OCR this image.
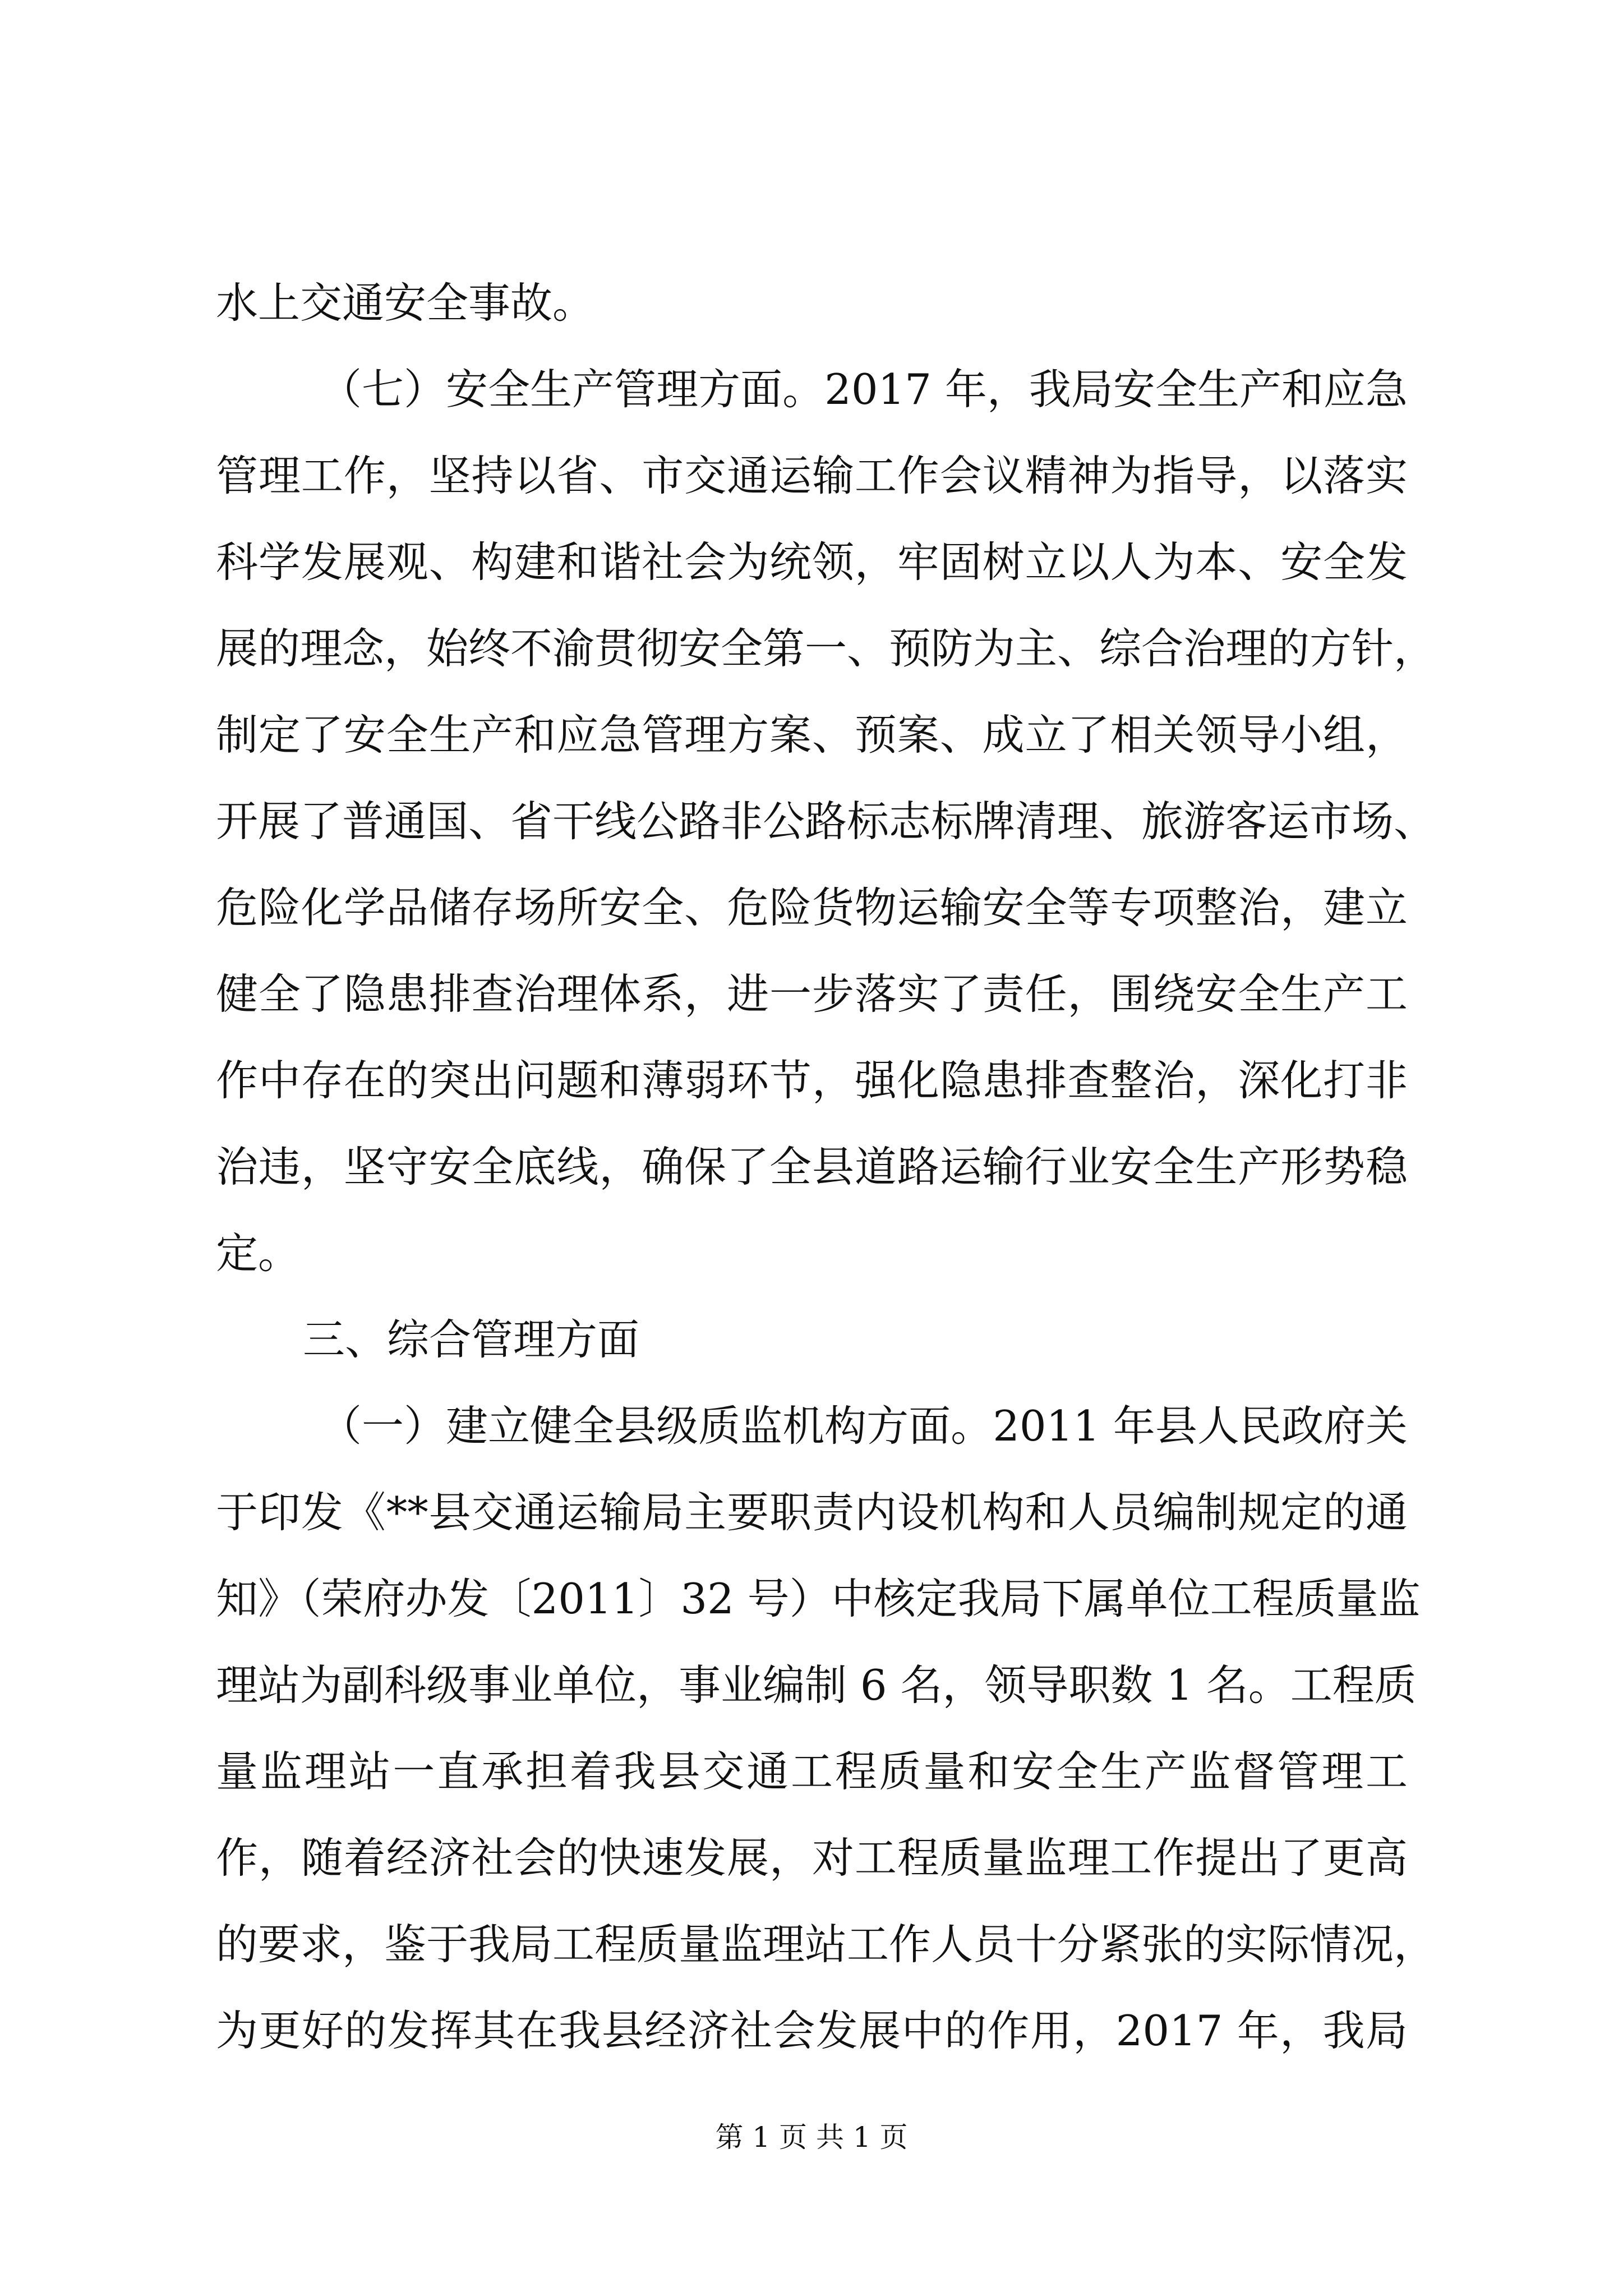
水上交通安全事故。

（七）安全生产管理方面。2017 年，我局安全生产和应急

管理工作，坚持以省、市交通运输工作会议精神为指导，以落实

科学发展观、构建和谐社会为统领，牢固树立以人为本、安全发

展的理念，始终不渝贯彻安全第一、预防为主、综合治理的方针，

制定了安全生产和应急管理方案、预案、成立了相关领导小组，

开展了普通国、省干线公路非公路标志标牌清理、旅游客运市场、

危险化学品储存场所安全、危险货物运输安全等专项整治，建立

健全了隐患排查治理体系，进一步落实了责任，围绕安全生产工

作中存在的突出问题和薄弱环节，强化隐患排查整治，深化打非

治违，坚守安全底线，确保了全县道路运输行业安全生产形势稳

定。

三、综合管理方面

（一）建立健全县级质监机构方面。2011 年县人民政府关

于印发《**县交通运输局主要职责内设机构和人员编制规定的通

知》（荣府办发〔2011〕32 号）中核定我局下属单位工程质量监

理站为副科级事业单位，事业编制 6 名，领导职数 1 名。工程质

量监理站一直承担着我县交通工程质量和安全生产监督管理工

作，随着经济社会的快速发展，对工程质量监理工作提出了更高

的要求，鉴于我局工程质量监理站工作人员十分紧张的实际情况，

为更好的发挥其在我县经济社会发展中的作用，2017 年，我局

第 1 页 共 1 页
